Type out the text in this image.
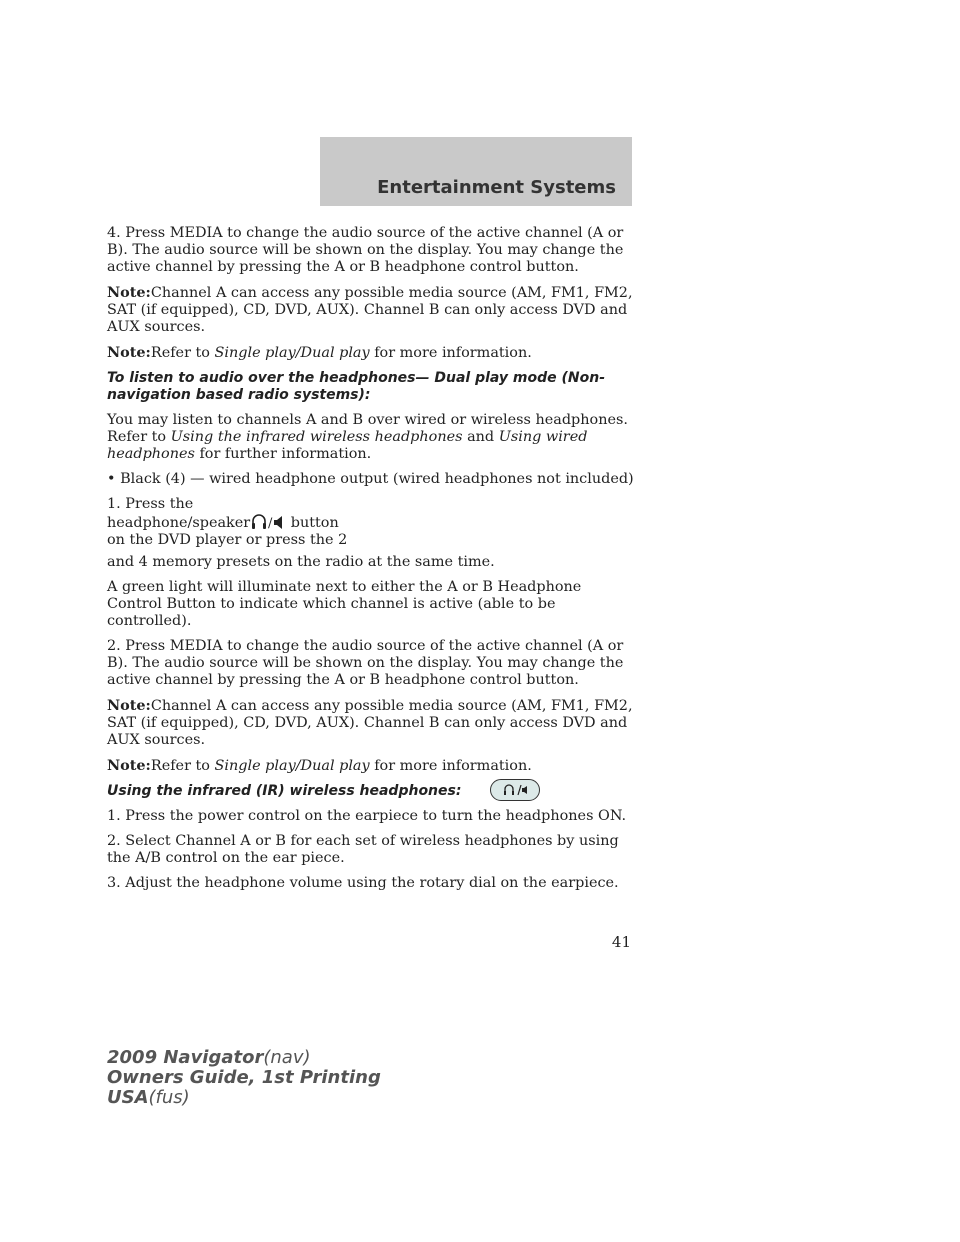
Entertainment Systems

4. Press MEDIA to change the audio source of the active channel (A or B). The audio source will be shown on the display. You may change the active channel by pressing the A or B headphone control button.

Note:Channel A can access any possible media source (AM, FM1, FM2, SAT (if equipped), CD, DVD, AUX). Channel B can only access DVD and AUX sources.

Note:Refer to Single play/Dual play for more information.

To listen to audio over the headphones— Dual play mode (Non-navigation based radio systems):

You may listen to channels A and B over wired or wireless headphones. Refer to Using the infrared wireless headphones and Using wired headphones for further information.

• Black (4) — wired headphone output (wired headphones not included)

1. Press the
headphone/speaker / button
on the DVD player or press the 2

and 4 memory presets on the radio at the same time.

A green light will illuminate next to either the A or B Headphone Control Button to indicate which channel is active (able to be controlled).

2. Press MEDIA to change the audio source of the active channel (A or B). The audio source will be shown on the display. You may change the active channel by pressing the A or B headphone control button.

Note:Channel A can access any possible media source (AM, FM1, FM2, SAT (if equipped), CD, DVD, AUX). Channel B can only access DVD and AUX sources.

Note:Refer to Single play/Dual play for more information.

Using the infrared (IR) wireless headphones:

1. Press the power control on the earpiece to turn the headphones ON.

2. Select Channel A or B for each set of wireless headphones by using the A/B control on the ear piece.

3. Adjust the headphone volume using the rotary dial on the earpiece.

41
2009 Navigator(nav)
Owners Guide, 1st Printing
USA(fus)
